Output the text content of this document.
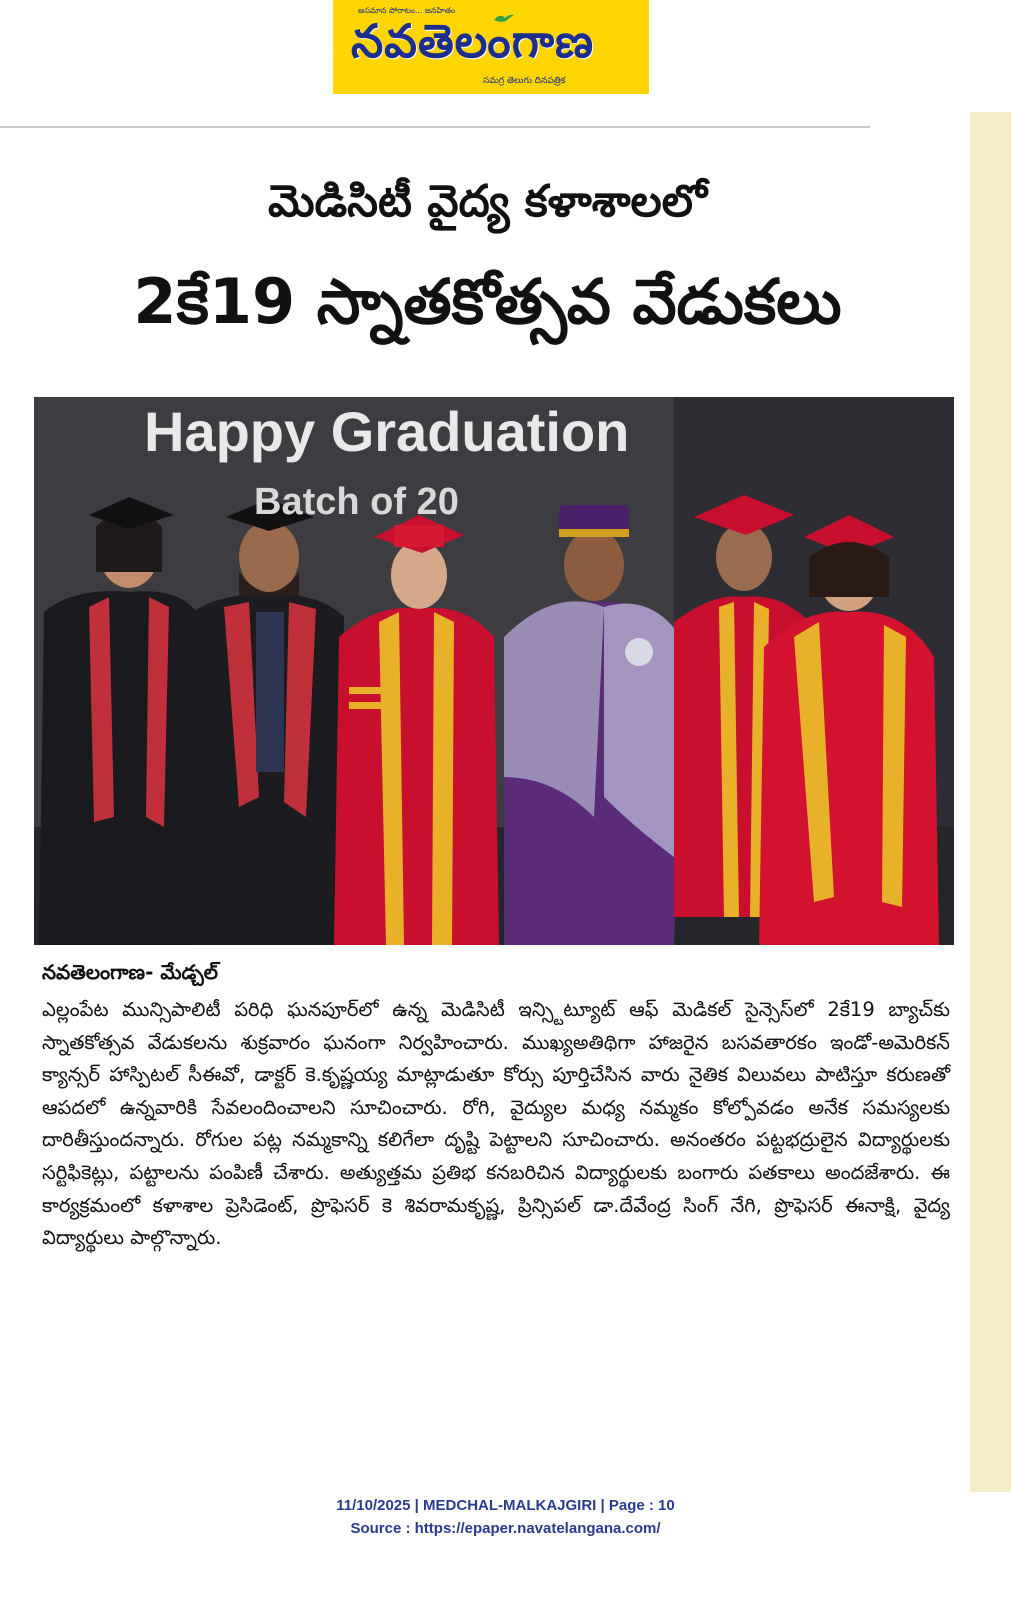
అసమాన పోరాటం... జనహితం
నవతెలంగాణ
సమగ్ర తెలుగు దినపత్రిక
మెడిసిటీ వైద్య కళాశాలలో
2కే19 స్నాతకోత్సవ వేడుకలు
Happy Graduation
Batch of 20
నవతెలంగాణ- మేడ్చల్
ఎల్లంపేట మున్సిపాలిటీ పరిధి ఘనపూర్‌లో ఉన్న మెడిసిటీ ఇన్స్టిట్యూట్ ఆఫ్ మెడికల్ సైన్సెస్‌లో 2కే19 బ్యాచ్‌కు స్నాతకోత్సవ వేడుకలను శుక్రవారం ఘనంగా నిర్వహించారు. ముఖ్యఅతిథిగా హాజరైన బసవతారకం ఇండో-అమెరికన్ క్యాన్సర్ హాస్పిటల్ సీఈవో, డాక్టర్ కె.కృష్ణయ్య మాట్లాడుతూ కోర్సు పూర్తిచేసిన వారు నైతిక విలువలు పాటిస్తూ కరుణతో ఆపదలో ఉన్నవారికి సేవలందించాలని సూచించారు. రోగి, వైద్యుల మధ్య నమ్మకం కోల్పోవడం అనేక సమస్యలకు దారితీస్తుందన్నారు. రోగుల పట్ల నమ్మకాన్ని కలిగేలా దృష్టి పెట్టాలని సూచించారు. అనంతరం పట్టభద్రులైన విద్యార్థులకు సర్టిఫికెట్లు, పట్టాలను పంపిణీ చేశారు. అత్యుత్తమ ప్రతిభ కనబరిచిన విద్యార్థులకు బంగారు పతకాలు అందజేశారు. ఈ కార్యక్రమంలో కళాశాల ప్రెసిడెంట్, ప్రొఫెసర్ కె శివరామకృష్ణ, ప్రిన్సిపల్ డా.దేవేంద్ర సింగ్ నేగి, ప్రొఫెసర్ ఈనాక్షి, వైద్య విద్యార్థులు పాల్గొన్నారు.
11/10/2025 | MEDCHAL-MALKAJGIRI | Page : 10
Source : https://epaper.navatelangana.com/
